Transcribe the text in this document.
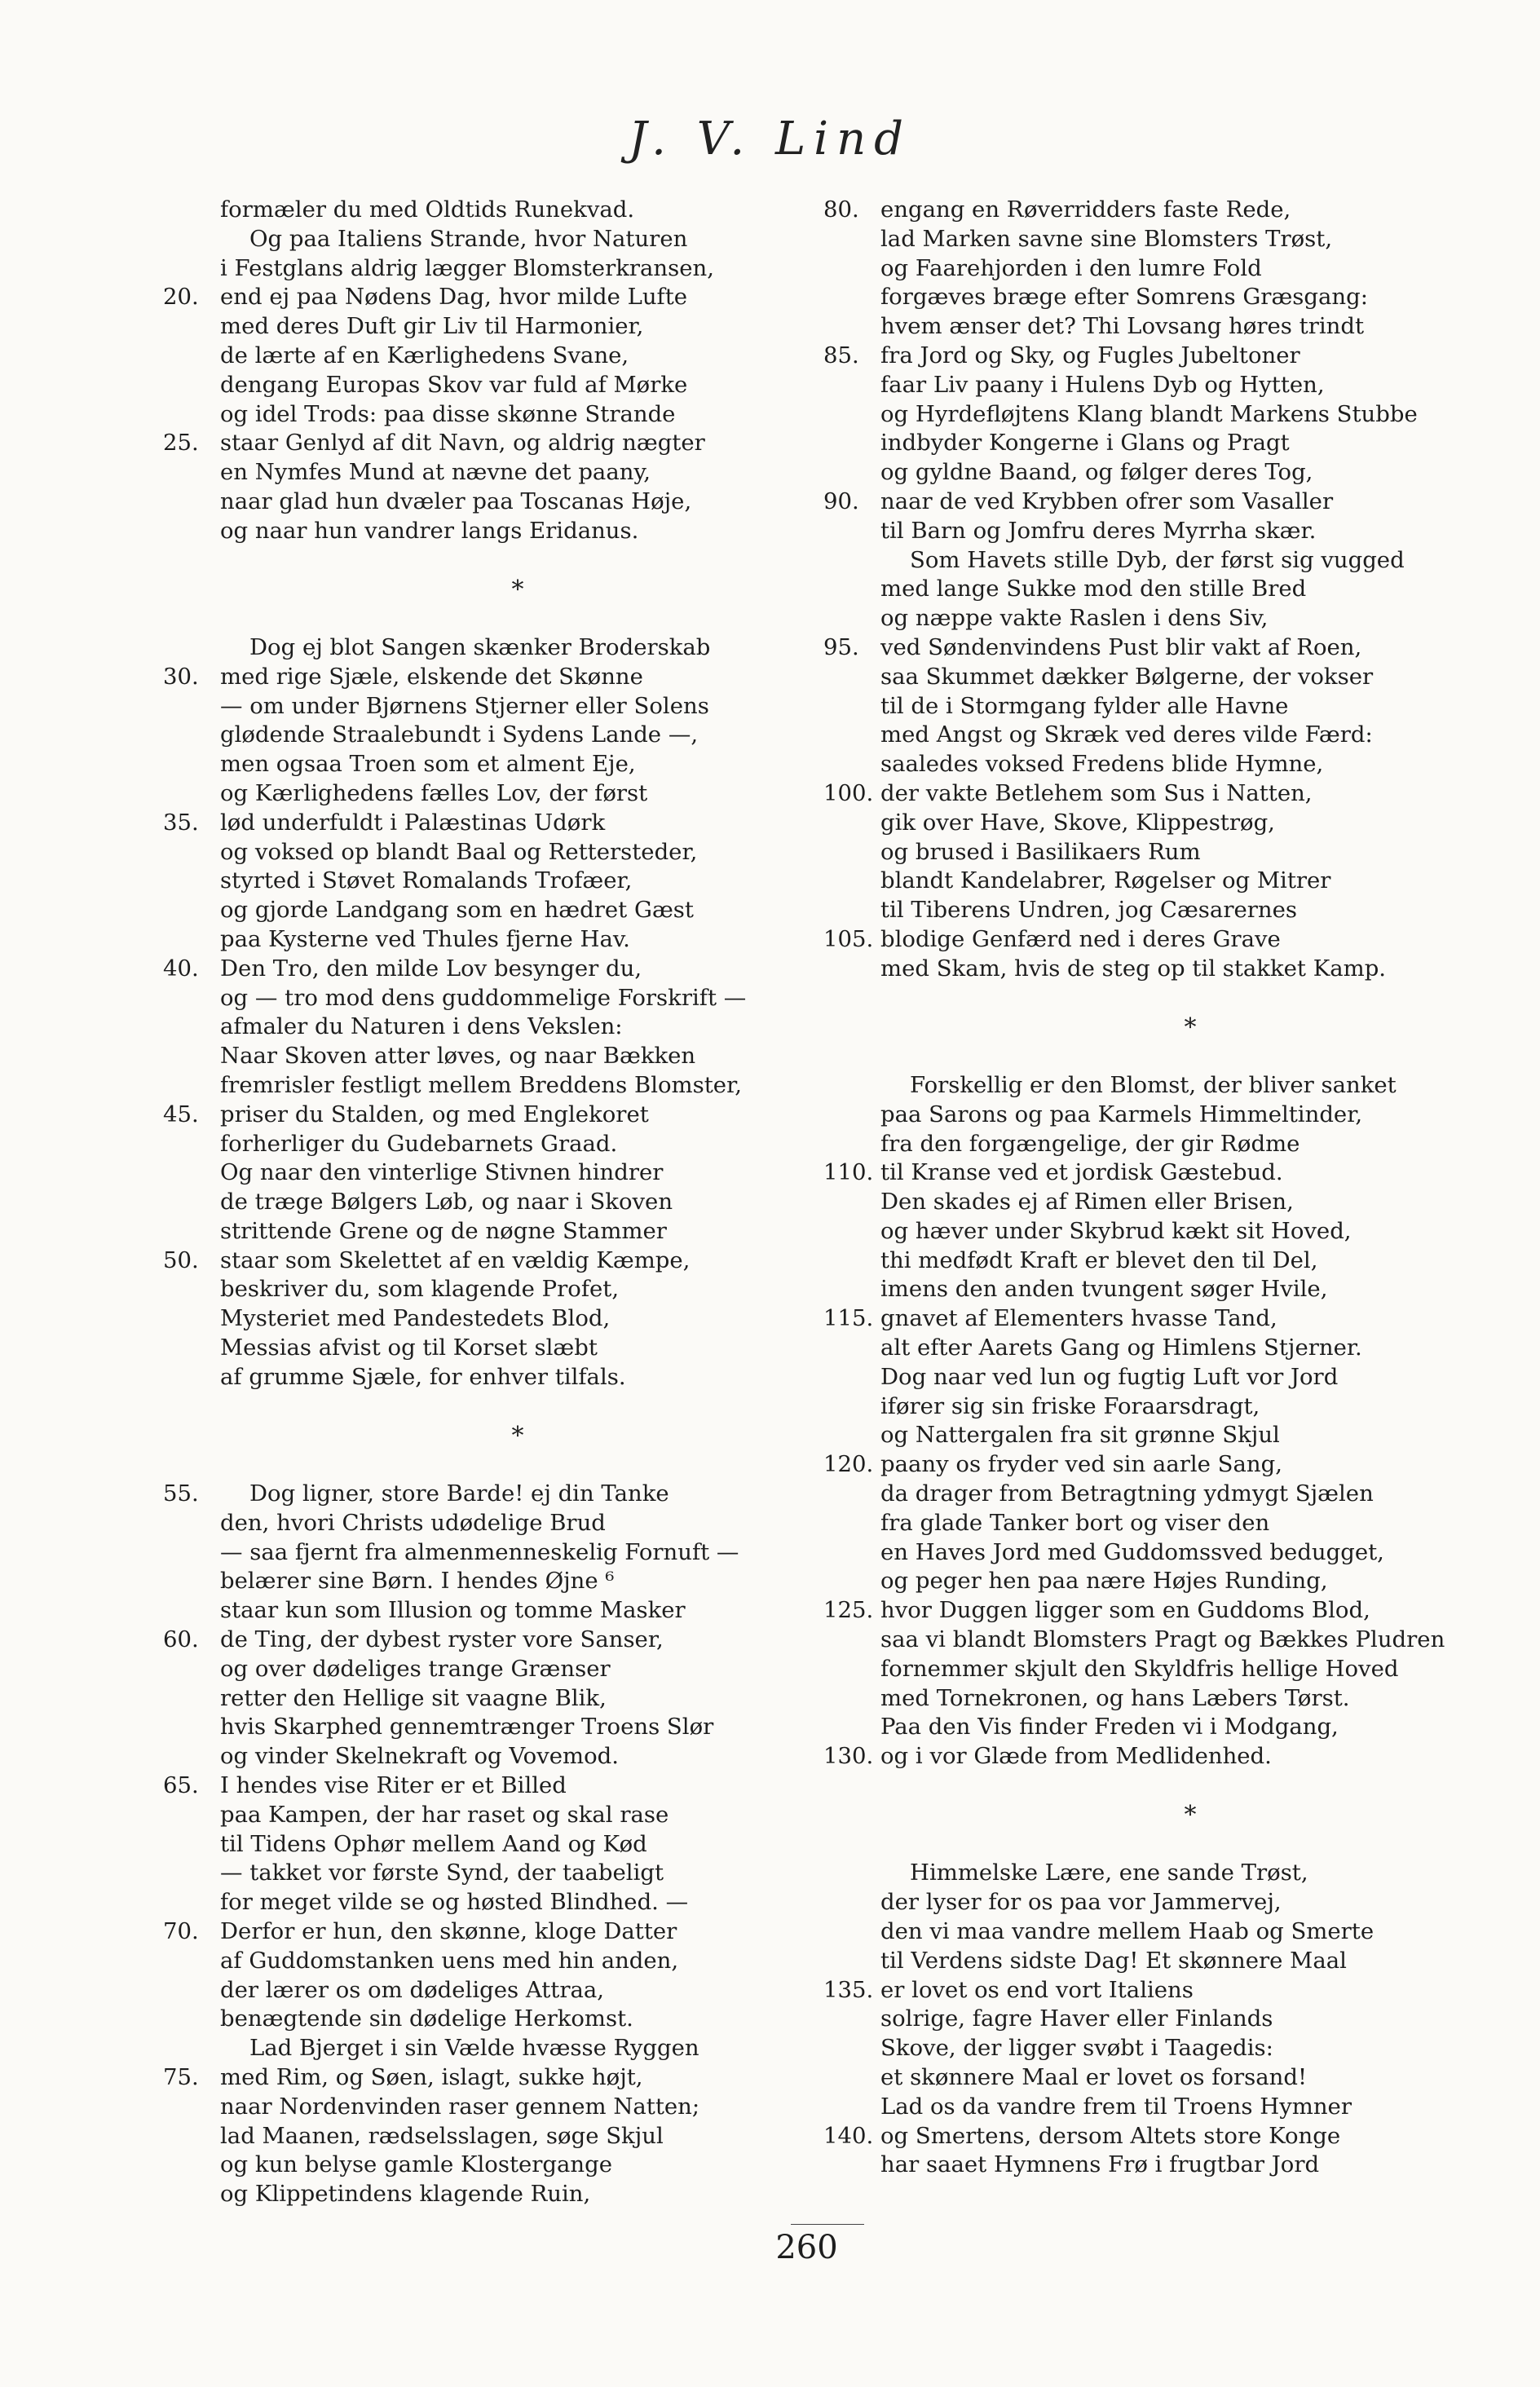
J. V. Lind
formæler du med Oldtids Runekvad.
Og paa Italiens Strande, hvor Naturen
i Festglans aldrig lægger Blomsterkransen,
20. end ej paa Nødens Dag, hvor milde Lufte
med deres Duft gir Liv til Harmonier,
de lærte af en Kærlighedens Svane,
dengang Europas Skov var fuld af Mørke
og idel Trods: paa disse skønne Strande
25. staar Genlyd af dit Navn, og aldrig nægter
en Nymfes Mund at nævne det paany,
naar glad hun dvæler paa Toscanas Høje,
og naar hun vandrer langs Eridanus.
*
Dog ej blot Sangen skænker Broderskab
30. med rige Sjæle, elskende det Skønne
— om under Bjørnens Stjerner eller Solens
glødende Straalebundt i Sydens Lande —,
men ogsaa Troen som et alment Eje,
og Kærlighedens fælles Lov, der først
35. lød underfuldt i Palæstinas Udørk
og voksed op blandt Baal og Rettersteder,
styrted i Støvet Romalands Trofæer,
og gjorde Landgang som en hædret Gæst
paa Kysterne ved Thules fjerne Hav.
40. Den Tro, den milde Lov besynger du,
og — tro mod dens guddommelige Forskrift —
afmaler du Naturen i dens Vekslen:
Naar Skoven atter løves, og naar Bækken
fremrisler festligt mellem Breddens Blomster,
45. priser du Stalden, og med Englekoret
forherliger du Gudebarnets Graad.
Og naar den vinterlige Stivnen hindrer
de træge Bølgers Løb, og naar i Skoven
strittende Grene og de nøgne Stammer
50. staar som Skelettet af en vældig Kæmpe,
beskriver du, som klagende Profet,
Mysteriet med Pandestedets Blod,
Messias afvist og til Korset slæbt
af grumme Sjæle, for enhver tilfals.
*
55.	Dog ligner, store Barde! ej din Tanke
den, hvori Christs udødelige Brud
— saa fjernt fra almenmenneskelig Fornuft —
belærer sine Børn. I hendes Øjne ⁶
staar kun som Illusion og tomme Masker
60. de Ting, der dybest ryster vore Sanser,
og over dødeliges trange Grænser
retter den Hellige sit vaagne Blik,
hvis Skarphed gennemtrænger Troens Slør
og vinder Skelnekraft og Vovemod.
65. I hendes vise Riter er et Billed
paa Kampen, der har raset og skal rase
til Tidens Ophør mellem Aand og Kød
— takket vor første Synd, der taabeligt
for meget vilde se og høsted Blindhed. —
70. Derfor er hun, den skønne, kloge Datter
af Guddomstanken uens med hin anden,
der lærer os om dødeliges Attraa,
benægtende sin dødelige Herkomst.
Lad Bjerget i sin Vælde hvæsse Ryggen
75. med Rim, og Søen, islagt, sukke højt,
naar Nordenvinden raser gennem Natten;
lad Maanen, rædselsslagen, søge Skjul
og kun belyse gamle Klostergange
og Klippetindens klagende Ruin,
80. engang en Røverridders faste Rede,
lad Marken savne sine Blomsters Trøst,
og Faarehjorden i den lumre Fold
forgæves bræge efter Somrens Græsgang:
hvem ænser det? Thi Lovsang høres trindt
85. fra Jord og Sky, og Fugles Jubeltoner
faar Liv paany i Hulens Dyb og Hytten,
og Hyrdefløjtens Klang blandt Markens Stubbe
indbyder Kongerne i Glans og Pragt
og gyldne Baand, og følger deres Tog,
90. naar de ved Krybben ofrer som Vasaller
til Barn og Jomfru deres Myrrha skær.
Som Havets stille Dyb, der først sig vugged
med lange Sukke mod den stille Bred
og næppe vakte Raslen i dens Siv,
95. ved Søndenvindens Pust blir vakt af Roen,
saa Skummet dækker Bølgerne, der vokser
til de i Stormgang fylder alle Havne
med Angst og Skræk ved deres vilde Færd:
saaledes voksed Fredens blide Hymne,
100. der vakte Betlehem som Sus i Natten,
gik over Have, Skove, Klippestrøg,
og brused i Basilikaers Rum
blandt Kandelabrer, Røgelser og Mitrer
til Tiberens Undren, jog Cæsarernes
105. blodige Genfærd ned i deres Grave
med Skam, hvis de steg op til stakket Kamp.
*
Forskellig er den Blomst, der bliver sanket
paa Sarons og paa Karmels Himmeltinder,
fra den forgængelige, der gir Rødme
110. til Kranse ved et jordisk Gæstebud.
Den skades ej af Rimen eller Brisen,
og hæver under Skybrud kækt sit Hoved,
thi medfødt Kraft er blevet den til Del,
imens den anden tvungent søger Hvile,
115. gnavet af Elementers hvasse Tand,
alt efter Aarets Gang og Himlens Stjerner.
Dog naar ved lun og fugtig Luft vor Jord
ifører sig sin friske Foraarsdragt,
og Nattergalen fra sit grønne Skjul
120. paany os fryder ved sin aarle Sang,
da drager from Betragtning ydmygt Sjælen
fra glade Tanker bort og viser den
en Haves Jord med Guddomssved bedugget,
og peger hen paa nære Højes Runding,
125. hvor Duggen ligger som en Guddoms Blod,
saa vi blandt Blomsters Pragt og Bækkes Pludren
fornemmer skjult den Skyldfris hellige Hoved
med Tornekronen, og hans Læbers Tørst.
Paa den Vis finder Freden vi i Modgang,
130. og i vor Glæde from Medlidenhed.
*
Himmelske Lære, ene sande Trøst,
der lyser for os paa vor Jammervej,
den vi maa vandre mellem Haab og Smerte
til Verdens sidste Dag! Et skønnere Maal
135. er lovet os end vort Italiens
solrige, fagre Haver eller Finlands
Skove, der ligger svøbt i Taagedis:
et skønnere Maal er lovet os forsand!
Lad os da vandre frem til Troens Hymner
140. og Smertens, dersom Altets store Konge
har saaet Hymnens Frø i frugtbar Jord
260
